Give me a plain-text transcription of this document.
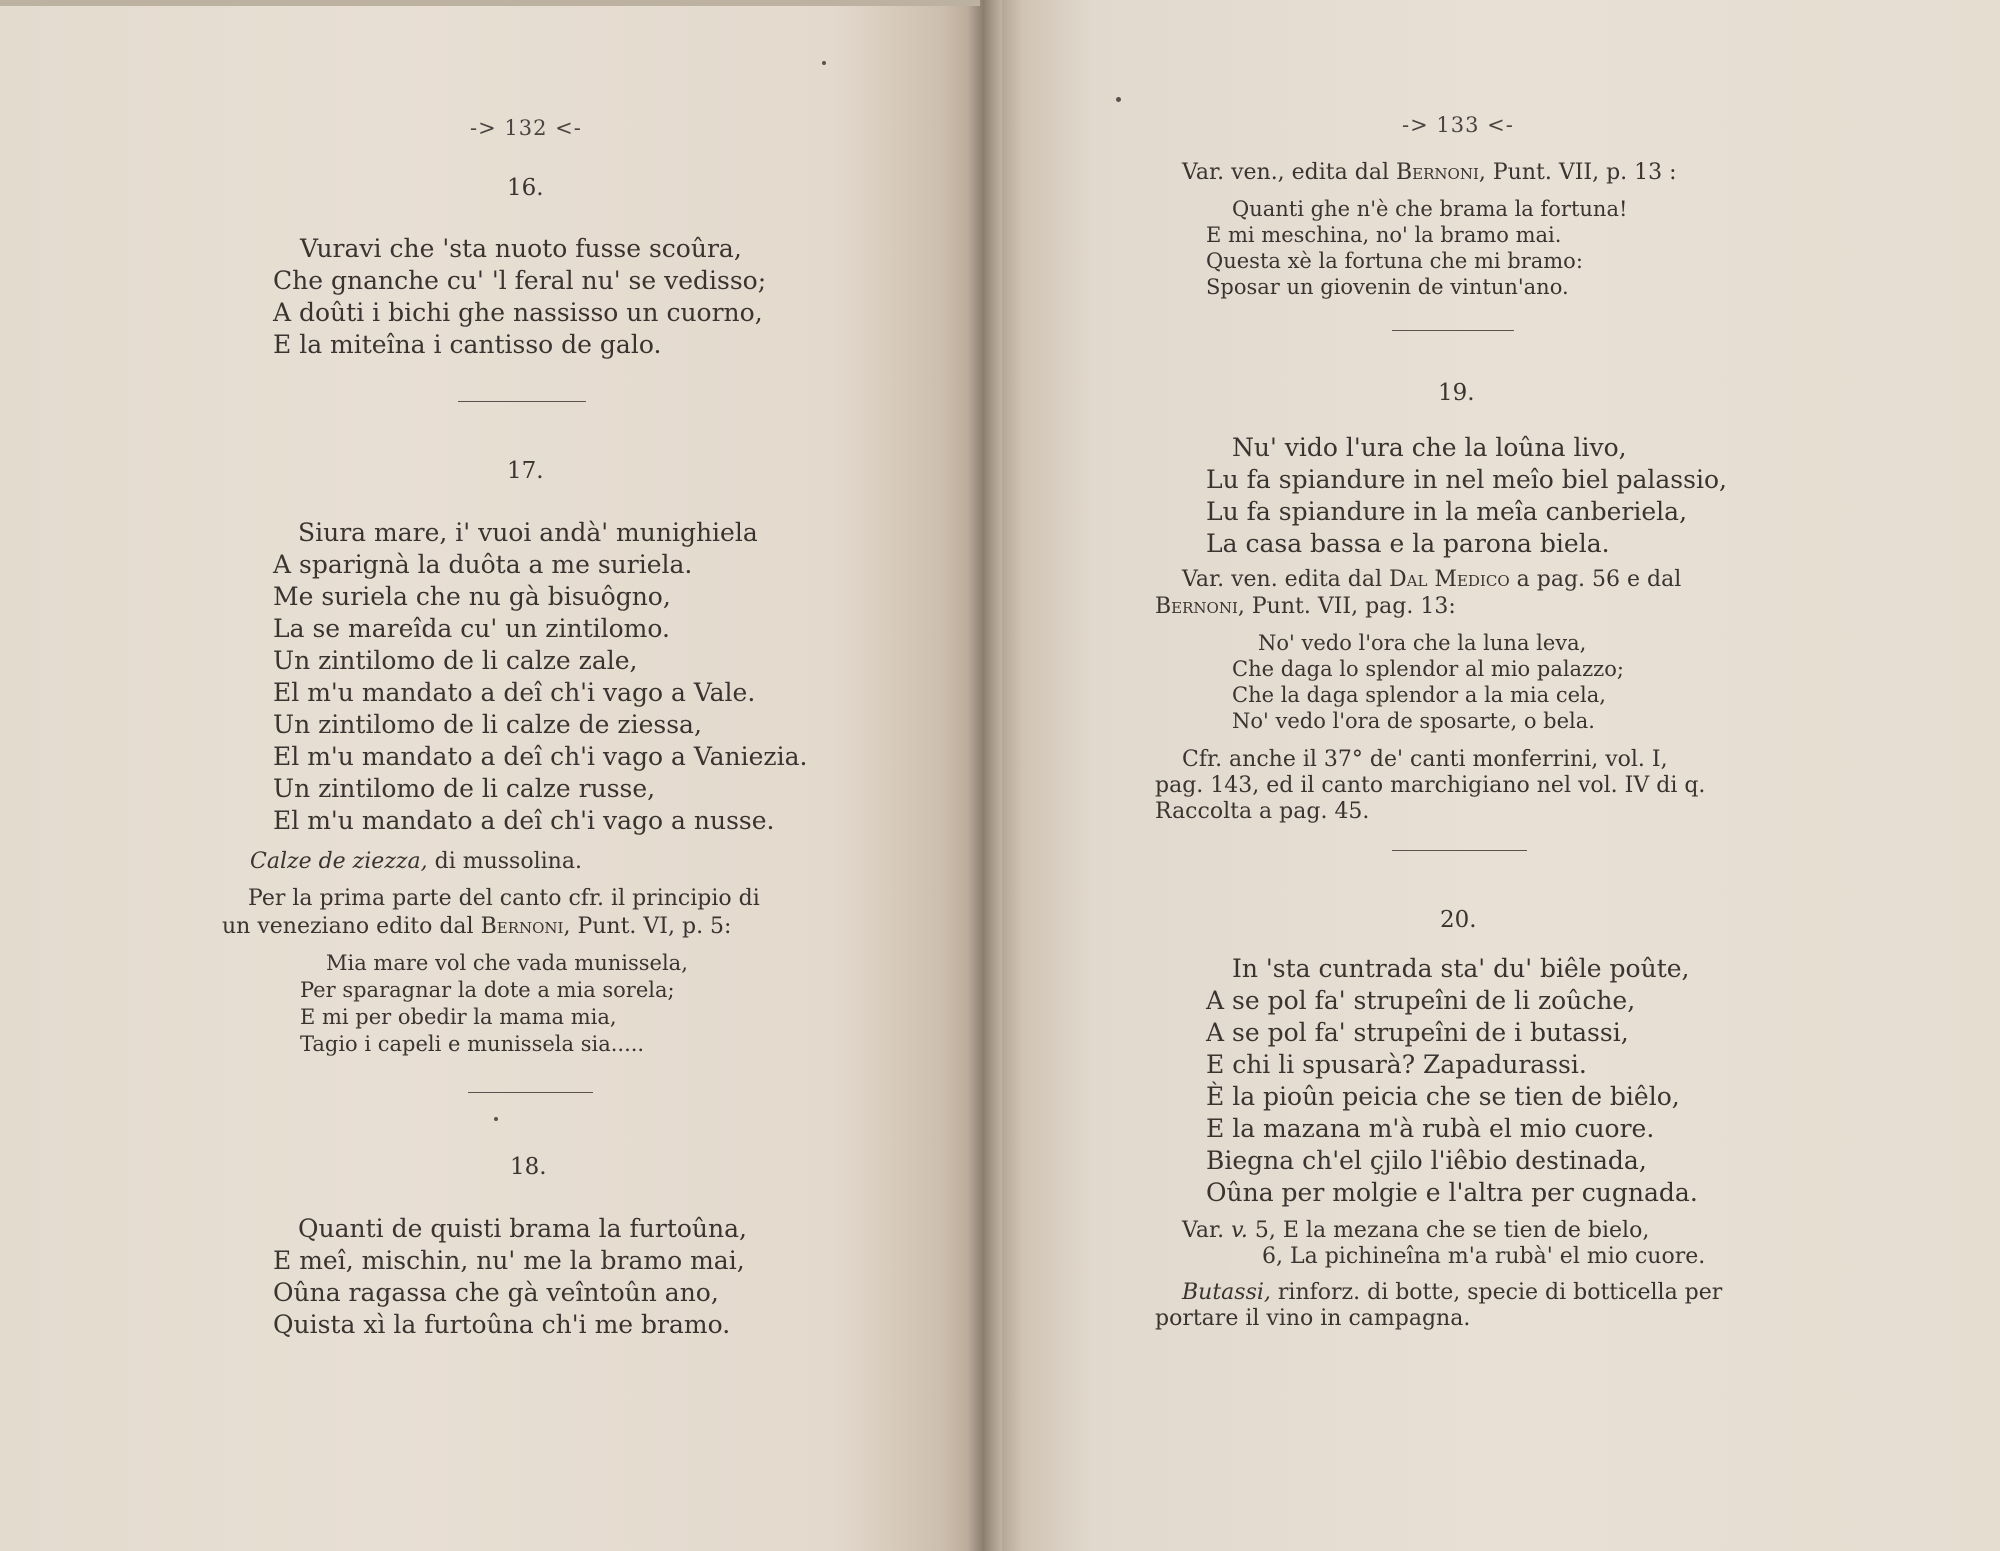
-> 132 <-
16.
Vuravi che 'sta nuoto fusse scoûra,
Che gnanche cu' 'l feral nu' se vedisso;
A doûti i bichi ghe nassisso un cuorno,
E la miteîna i cantisso de galo.
17.
Siura mare, i' vuoi andà' munighiela
A sparignà la duôta a me suriela.
Me suriela che nu gà bisuôgno,
La se mareîda cu' un zintilomo.
Un zintilomo de li calze zale,
El m'u mandato a deî ch'i vago a Vale.
Un zintilomo de li calze de ziessa,
El m'u mandato a deî ch'i vago a Vaniezia.
Un zintilomo de li calze russe,
El m'u mandato a deî ch'i vago a nusse.
Calze de ziezza, di mussolina.
Per la prima parte del canto cfr. il principio di
un veneziano edito dal Bernoni, Punt. VI, p. 5:
Mia mare vol che vada munissela,
Per sparagnar la dote a mia sorela;
E mi per obedir la mama mia,
Tagio i capeli e munissela sia.....
18.
Quanti de quisti brama la furtoûna,
E meî, mischin, nu' me la bramo mai,
Oûna ragassa che gà veîntoûn ano,
Quista xì la furtoûna ch'i me bramo.
-> 133 <-
Var. ven., edita dal Bernoni, Punt. VII, p. 13 :
Quanti ghe n'è che brama la fortuna!
E mi meschina, no' la bramo mai.
Questa xè la fortuna che mi bramo:
Sposar un giovenin de vintun'ano.
19.
Nu' vido l'ura che la loûna livo,
Lu fa spiandure in nel meîo biel palassio,
Lu fa spiandure in la meîa canberiela,
La casa bassa e la parona biela.
Var. ven. edita dal Dal Medico a pag. 56 e dal
Bernoni, Punt. VII, pag. 13:
No' vedo l'ora che la luna leva,
Che daga lo splendor al mio palazzo;
Che la daga splendor a la mia cela,
No' vedo l'ora de sposarte, o bela.
Cfr. anche il 37° de' canti monferrini, vol. I,
pag. 143, ed il canto marchigiano nel vol. IV di q.
Raccolta a pag. 45.
20.
In 'sta cuntrada sta' du' biêle poûte,
A se pol fa' strupeîni de li zoûche,
A se pol fa' strupeîni de i butassi,
E chi li spusarà? Zapadurassi.
È la pioûn peicia che se tien de biêlo,
E la mazana m'à rubà el mio cuore.
Biegna ch'el çjilo l'iêbio destinada,
Oûna per molgie e l'altra per cugnada.
Var. v. 5, E la mezana che se tien de bielo,
6, La pichineîna m'a rubà' el mio cuore.
Butassi, rinforz. di botte, specie di botticella per
portare il vino in campagna.
